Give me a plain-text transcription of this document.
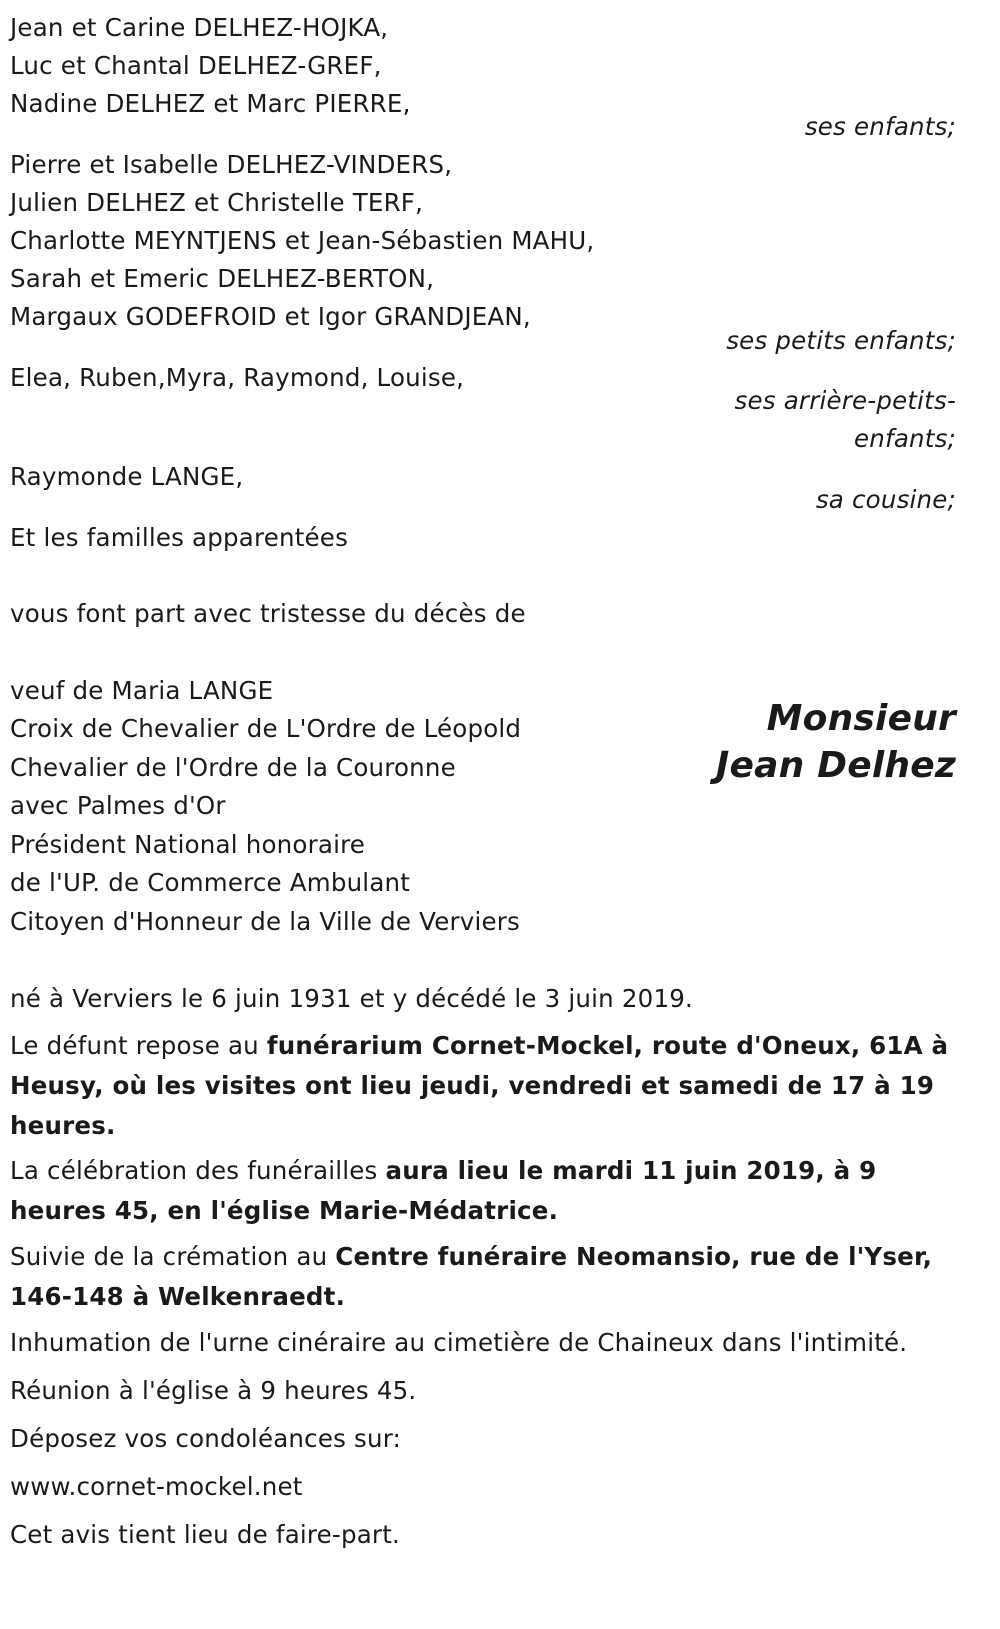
Jean et Carine DELHEZ-HOJKA,
Luc et Chantal DELHEZ-GREF,
Nadine DELHEZ et Marc PIERRE,
ses enfants;
Pierre et Isabelle DELHEZ-VINDERS,
Julien DELHEZ et Christelle TERF,
Charlotte MEYNTJENS et Jean-Sébastien MAHU,
Sarah et Emeric DELHEZ-BERTON,
Margaux GODEFROID et Igor GRANDJEAN,
ses petits enfants;
Elea, Ruben,Myra, Raymond, Louise,
ses arrière-petits-
enfants;
Raymonde LANGE,
sa cousine;
Et les familles apparentées
vous font part avec tristesse du décès de
Monsieur
Jean Delhez
veuf de Maria LANGE
Croix de Chevalier de L'Ordre de Léopold
Chevalier de l'Ordre de la Couronne
avec Palmes d'Or
Président National honoraire
de l'UP. de Commerce Ambulant
Citoyen d'Honneur de la Ville de Verviers
né à Verviers le 6 juin 1931 et y décédé le 3 juin 2019.
Le défunt repose au funérarium Cornet-Mockel, route d'Oneux, 61A à Heusy, où les visites ont lieu jeudi, vendredi et samedi de 17 à 19 heures.
La célébration des funérailles aura lieu le mardi 11 juin 2019, à 9 heures 45, en l'église Marie-Médatrice.
Suivie de la crémation au Centre funéraire Neomansio, rue de l'Yser, 146-148 à Welkenraedt.
Inhumation de l'urne cinéraire au cimetière de Chaineux dans l'intimité.
Réunion à l'église à 9 heures 45.
Déposez vos condoléances sur:
www.cornet-mockel.net
Cet avis tient lieu de faire-part.
